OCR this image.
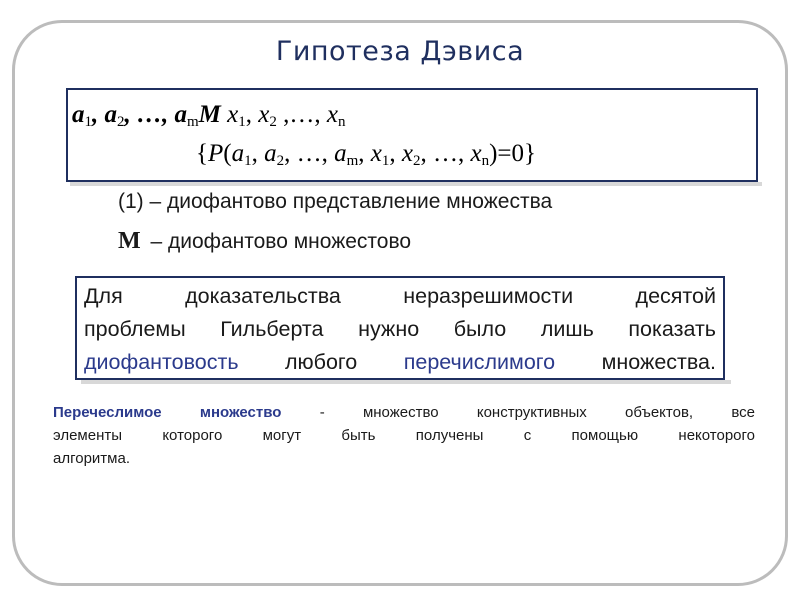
Гипотеза Дэвиса
$a_1$, $a_2$, …, $a_mM$ $x_1$, $x_2$ ,…, $x_n$
{$P(a_1$, $a_2$, …, $a_m$, $x_1$, $x_2$, …, $x_n)=0$}
(1) – диофантово представление множества
M – диофантово множестово
Для доказательства неразрешимости десятой
проблемы Гильберта нужно было лишь показать
диофантовость любого перечислимого множества.
Перечеслимое множество - множество конструктивных объектов, все
элементы которого могут быть получены с помощью некоторого
алгоритма.
